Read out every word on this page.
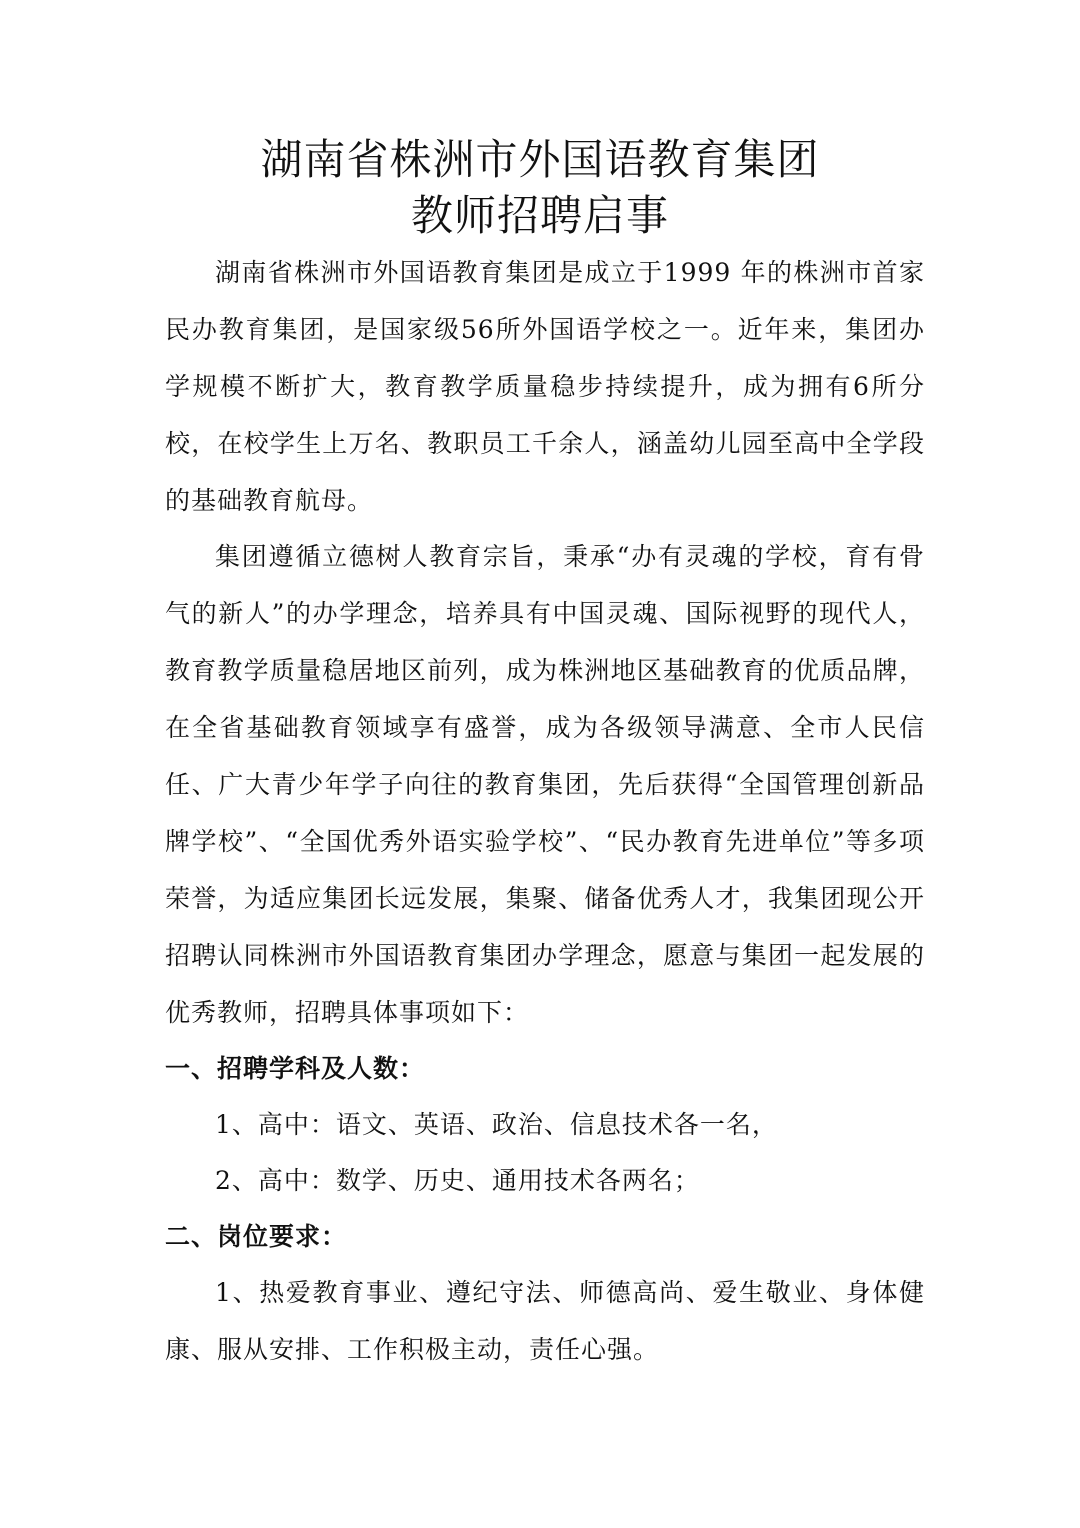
湖南省株洲市外国语教育集团
教师招聘启事

湖南省株洲市外国语教育集团是成立于1999 年的株洲市首家民办教育集团，是国家级56所外国语学校之一。近年来，集团办学规模不断扩大，教育教学质量稳步持续提升，成为拥有6所分校，在校学生上万名、教职员工千余人，涵盖幼儿园至高中全学段的基础教育航母。

集团遵循立德树人教育宗旨，秉承“办有灵魂的学校，育有骨气的新人”的办学理念，培养具有中国灵魂、国际视野的现代人，教育教学质量稳居地区前列，成为株洲地区基础教育的优质品牌，在全省基础教育领域享有盛誉，成为各级领导满意、全市人民信任、广大青少年学子向往的教育集团，先后获得“全国管理创新品牌学校”、“全国优秀外语实验学校”、“民办教育先进单位”等多项荣誉，为适应集团长远发展，集聚、储备优秀人才，我集团现公开招聘认同株洲市外国语教育集团办学理念，愿意与集团一起发展的优秀教师，招聘具体事项如下：

一、招聘学科及人数：

1、高中：语文、英语、政治、信息技术各一名，

2、高中：数学、历史、通用技术各两名；

二、岗位要求：

1、热爱教育事业、遵纪守法、师德高尚、爱生敬业、身体健康、服从安排、工作积极主动，责任心强。
